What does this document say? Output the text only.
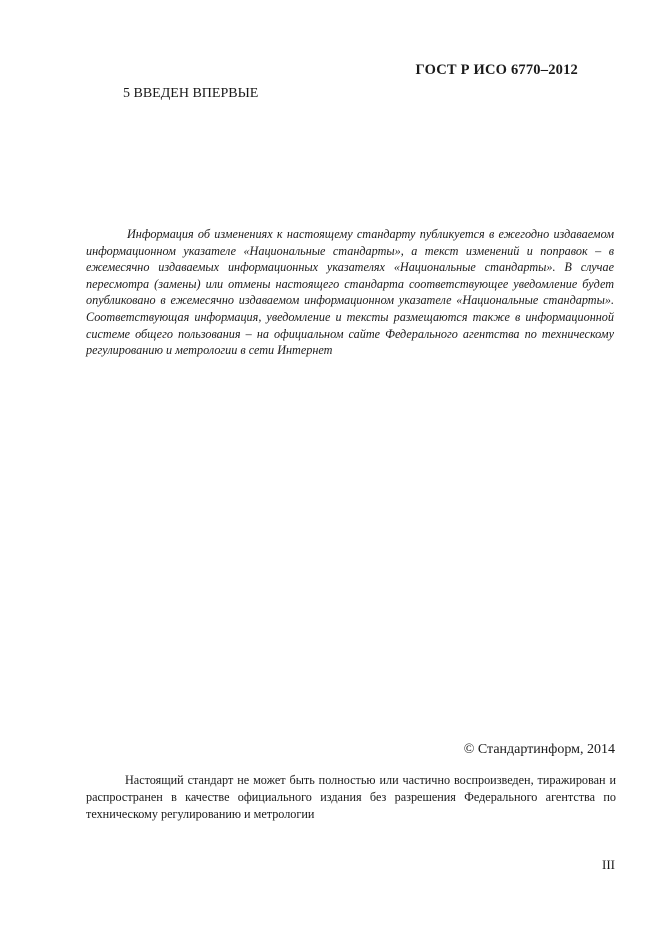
ГОСТ Р ИСО 6770–2012
5 ВВЕДЕН ВПЕРВЫЕ

Информация об изменениях к настоящему стандарту публикуется в ежегодно издаваемом информационном указателе «Национальные стандарты», а текст изменений и поправок – в ежемесячно издаваемых информационных указателях «Национальные стандарты». В случае пересмотра (замены) или отмены настоящего стандарта соответствующее уведомление будет опубликовано в ежемесячно издаваемом информационном указателе «Национальные стандарты». Соответствующая информация, уведомление и тексты размещаются также в информационной системе общего пользования – на официальном сайте Федерального агентства по техническому регулированию и метрологии в сети Интернет

© Стандартинформ, 2014

Настоящий стандарт не может быть полностью или частично воспроизведен, тиражирован и распространен в качестве официального издания без разрешения Федерального агентства по техническому регулированию и метрологии

III
